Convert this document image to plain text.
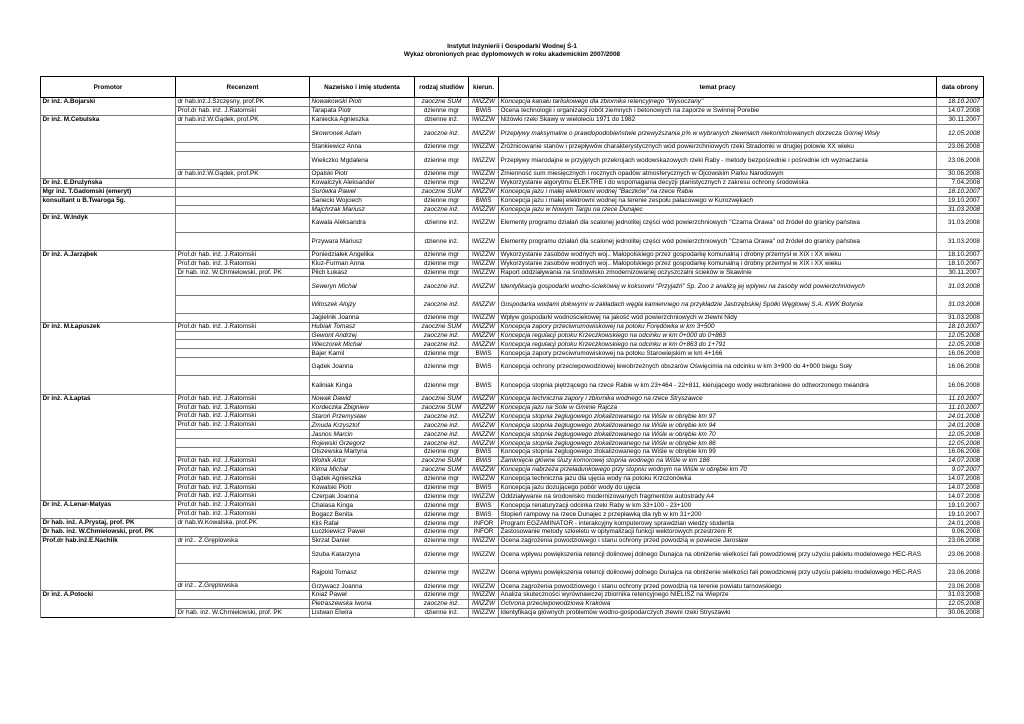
Instytut Inżynierii i Gospodarki Wodnej Ś-1
Wykaz obronionych prac dyplomowych w roku akademickim 2007/2008
Promotor	Recenzent	Nazwisko i imię studenta	rodzaj studiów	kierun.	temat pracy	data obrony
Dr inż. A.Bojarski	dr hab.inż.J.Szczęsny, prof.PK	Nowakowski Piotr	zaoczne SUM	IWiZZW	Koncepcja kanału tarliskowego dla zbiornika retencyjnego "Wysoczany"	18.10.2007
	Prof.dr hab. inż. J.Ratomski	Tarapata Piotr	dzienne mgr	BWiS	Ocena technologii i organizacji robót ziemnych i betonowych na zaporze w Świnnej Porebie	14.07.2008
Dr inż. M.Cebulska	dr hab.inż.W.Gądek, prof.PK	Kaniecka Agnieszka	dzienne inż.	IWiZZW	Niżówki rzeki Skawy w wieloleciu 1971 do 1982	30.11.2007
		Skowronek Adam	zaoczne inż.	IWiZZW	Przepływy maksymalne o prawdopodobieństwie przewyższania p% w wybranych zlewniach niekontrolowanych dorzecza Górnej Wisły	12.05.2008
		Stankiewicz Anna	dzienne mgr	IWiZZW	Zróżnicowanie stanów i przepływów charakterystycznych wód powierzchniowych rzeki Stradomki w drugiej polowie XX wieku	23.06.2008
		Wieliczko Mgdalena	dzienne mgr	IWiZZW	Przepływy miarodajne w przyjętych przekrojach wodowskazowych rzeki Raby - metody bezpośrednie i pośrednie ich wyznaczania	23.06.2008
	dr hab.inż.W.Gądek, prof.PK	Opalski Piotr	dzienne mgr	IWiZZW	Zmienność sum miesięcznych i rocznych opadów atmosferycznych w Ojcowskim Parku Narodowym	30.06.2008
Dr inż. E.Drużyńska		Kowalczyk Aleksander	dzienne mgr	IWiZZW	Wykorzystanie algorytmu ELEKTRE I do wspomagania decyzji planistycznych z zakresu ochrony środowiska	7.04.2008
Mgr inż. T.Gadomski (emeryt)		Surówka Paweł	zaoczne SUM	IWiZZW	Koncepcja jazu i małej elektrowni wodnej "Baczków" na rzece Rabie	18.10.2007
konsultant u B.Twaroga 5g.		Sanecki Wojciech	dzienne mgr	BWiS	Koncepcja jazu i małej elektrowni wodnej na terenie zespołu pałacowego w Kurozwękach	19.10.2007
		Majchrzak Mariusz	zaoczne inż.	IWiZZW	Koncepcja jazu w Nowym Targu na rzece Dunajec	31.03.2008
Dr inż. W.Indyk		Kawala Aleksandra	dzienne inż.	IWiZZW	Elementy programu działań dla scalonej jednolitej części wód powierzchniowych "Czarna Orawa" od źródeł do granicy państwa	31.03.2008
		Przywara Mariusz	dzienne inż.	IWiZZW	Elementy programu działań dla scalonej jednolitej części wód powierzchniowych "Czarna Orawa" od źródeł do granicy państwa	31.03.2008
Dr inż. A.Jarząbek	Prof.dr hab. inż. J.Ratomski	Poniedziałek Angelika	dzienne mgr	IWiZZW	Wykorzystanie zasobów wodnych woj.. Małopolskiego przez gospodarkę komunalną i drobny przemysł w XIX i XX wieku	18.10.2007
	Prof.dr hab. inż. J.Ratomski	Kluz-Furman Anna	dzienne mgr	IWiZZW	Wykorzystanie zasobów wodnych woj.. Małopolskiego przez gospodarkę komunalną i drobny przemysł w XIX i XX wieku	18.10.2007
	Dr hab. inż. W.Chmielowski, prof. PK	Pilch Łukasz	dzienne mgr	IWiZZW	Raport oddziaływania na środowisko zmodernizowanej oczyszczalni ścieków w Skawinie	30.11.2007
		Seweryn Michał	zaoczne inż.	IWiZZW	Identyfikacja gospodarki wodno-ściekowej w koksowni "Przyjaźń" Sp. Zoo z analizą jej wpływu na zasoby wód powierzchniowych	31.03.2008
		Witoszek Alojzy	zaoczne inż.	IWiZZW	Gospodarka wodami dołowymi w zakładach węgla kamiennego na przykładzie Jastrzębskiej Spółki Węglowej S.A. KWK Botynia	31.03.2008
		Jagielnik Joanna	dzienne mgr	IWiZZW	Wpływ gospodarki wodnościekowej na jakość wód powierzchniowych w zlewni Nidy	31.03.2008
Dr inż. M.Łapuszek	Prof.dr hab. inż. J.Ratomski	Hubiak Tomasz	zaoczne SUM	IWiZZW	Koncepcja zapory przeciwrumowiskowej na potoku Forędówka w km 3+500	18.10.2007
		Gewont Andrzej	zaoczne inż.	IWiZZW	Koncepcja regulacji potoku Krzeczkowskiego na odcinku w km 0+000 do 0+863	12.05.2008
		Wieczorek Michał	zaoczne inż.	IWiZZW	Koncepcja regulacji potoku Krzeczkowskiego na odcinku w km 0+863 do 1+791	12.05.2008
		Bajer Kamil	dzienne mgr	BWiS	Koncepcja zapory przeciwrumowiskowej na potoku Starowiejskim w km 4+166	16.06.2008
		Gądek Joanna	dzienne mgr	BWiS	Koncepcja ochrony przeciwpowodziowej lewobrzeżnych obszarów Oświęcimia na odcinku w km 3+900 do 4+900 biegu Soły	16.06.2008
		Kaliniak Kinga	dzienne mgr	BWiS	Koncepcja stopnia piętrzącego na rzece Rabie w km 23+464 - 22+811, kierującego wody wezbraniowe do odtworzonego meandra	16.06.2008
Dr inż. A.Łaptaś	Prof.dr hab. inż. J.Ratomski	Nowak Dawid	zaoczne SUM	IWiZZW	Koncepcja techniczna zapory i zbiornika wodnego na rzece Stryszawce	11.10.2007
	Prof.dr hab. inż. J.Ratomski	Kordeczka Zbigniew	zaoczne SUM	IWiZZW	Koncepcja jazu na Sole w Gminie Rajcza	11.10.2007
	Prof.dr hab. inż. J.Ratomski	Staroń Przemysław	zaoczne inż.	IWiZZW	Koncepcja stopnia żeglugowego zlokalizowanego na Wiśle w obrębie km 97	24.01.2008
	Prof.dr hab. inż. J.Ratomski	Zmuda Krzysztof	zaoczne inż.	IWiZZW	Koncepcja stopnia żeglugowego zlokalizowanego na Wiśle w obrębie km 94	24.01.2008
		Jasnos Marcin	zaoczne inż.	IWiZZW	Koncepcja stopnia żeglugowego zlokalizowanego na Wiśle w obrębie km 70	12.05.2008
		Rojewski Grzegorz	zaoczne inż.	IWiZZW	Koncepcja stopnia żeglugowego zlokalizowanego na Wiśle w obrębie km 86	12.05.2008
		Olszewska Martyna	dzienne mgr	BWiS	Koncepcja stopnia żeglugowego zlokalizowanego na Wiśle w obrębie km 99	16.06.2008
	Prof.dr hab. inż. J.Ratomski	Wolnik Artur	zaoczne SUM	BWiS	Zamknięcie główne śluzy komorowej stopnia wodnego na Wiśle w km 186	14.07.2008
	Prof.dr hab. inż. J.Ratomski	Klima Michał	zaoczne SUM	IWiZZW	Koncepcja nabrzeża przeładunkowego przy stopniu wodnym na Wiśle w obrębie km 70	9.07.2007
	Prof.dr hab. inż. J.Ratomski	Gądek Agnieszka	dzienne mgr	IWiZZW	Koncepcja techniczna jazu dla ujęcia wody na potoku Krzczonówka	14.07.2008
	Prof.dr hab. inż. J.Ratomski	Kowalski Piotr	dzienne mgr	BWiS	Koncepcja jazu dozującego pobór wody do ujęcia	14.07.2008
	Prof.dr hab. inż. J.Ratomski	Czerpak Joanna	dzienne mgr	IWiZZW	Oddziaływanie na środowisko modernizowanych fragmentów autostrady A4	14.07.2008
Dr inż. A.Lenar-Matyas	Prof.dr hab. inż. J.Ratomski	Chalasa Kinga	dzienne mgr	BWiS	Koncepcja renaturyzacji odcinka rzeki Raby w km 33+100 - 23+100	19.10.2007
	Prof.dr hab. inż. J.Ratomski	Bogacz Benita	dzienne mgr	BWiS	Stopień rampowy na rzece Dunajec z przepławką dla ryb w km 31+200	19.10.2007
Dr hab. inż. A.Prystaj, prof. PK	dr hab.W.Kowalska, prof.PK	Kliś Rafał	dzienne mgr	INFOR	Program EGZAMINATOR - interakcyjny komputerowy sprawdzian wiedzy studenta	24.01.2008
Dr hab. inż. W.Chmielowski, prof. PK		Łuczkiewicz Paweł	dzienne mgr	INFOR	Zastosowanie metody szkieletu w optymalizacji funkcji wektorowych przestrzeni R	9.06.2008
Prof.dr hab.inż.E.Nachlik	dr inż.. Z.Gręplowska	Skrzat Daniel	dzienne mgr	IWiZZW	Ocena zagrożenia powodziowego i stanu ochrony przed powodzią w powiecie Jarosław	23.06.2008
		Szuba Katarzyna	dzienne mgr	IWiZZW	Ocena wpływu powiększenia retencji dolinowej dolnego Dunajca na obniżenie wielkości fali powodziowej przy użyciu pakietu modelowego HEC-RAS	23.06.2008
		Rajpold Tomasz	dzienne mgr	IWiZZW	Ocena wpływu powiększenia retencji dolinowej dolnego Dunajca na obniżenie wielkości fali powodziowej przy użyciu pakietu modelowego HEC-RAS	23.06.2008
	dr inż.. Z.Gręplowska	Grzywacz Joanna	dzienne mgr	IWiZZW	Ocena zagrożenia powodziowego i stanu ochrony przed powodzią na terenie powiatu tarnowskiego	23.06.2008
Dr inż. A.Potocki		Kniaź Paweł	dzienne mgr	IWiZZW	Analiza skuteczności wyrównawczej zbiornika retencyjnego NIELISZ na Wieprze	31.03.2008
		Pietraszewska Iwona	zaoczne inż.	IWiZZW	Ochrona przeciwpowodziowa Krakowa	12.05.2008
	Dr hab. inż. W.Chmielowski, prof. PK	Listwan Elwira	dzienne inż.	IWiZZW	Identyfikacja głównych problemów wodno-gospodarczych zlewni rzeki Stryszawki	30.06.2008
